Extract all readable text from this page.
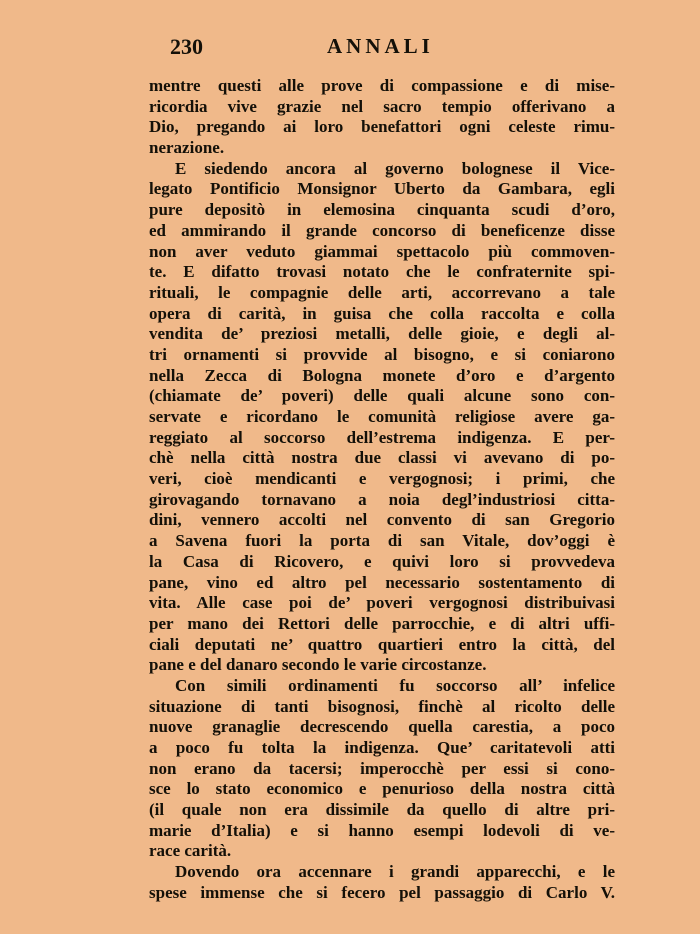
230	ANNALI
mentre questi alle prove di compassione e di mise-
ricordia vive grazie nel sacro tempio offerivano a
Dio, pregando ai loro benefattori ogni celeste rimu-
nerazione.
E siedendo ancora al governo bolognese il Vice-
legato Pontificio Monsignor Uberto da Gambara, egli
pure depositò in elemosina cinquanta scudi d’oro,
ed ammirando il grande concorso di beneficenze disse
non aver veduto giammai spettacolo più commoven-
te. E difatto trovasi notato che le confraternite spi-
rituali, le compagnie delle arti, accorrevano a tale
opera di carità, in guisa che colla raccolta e colla
vendita de’ preziosi metalli, delle gioie, e degli al-
tri ornamenti si provvide al bisogno, e si coniarono
nella Zecca di Bologna monete d’oro e d’argento
(chiamate de’ poveri) delle quali alcune sono con-
servate e ricordano le comunità religiose avere ga-
reggiato al soccorso dell’estrema indigenza. E per-
chè nella città nostra due classi vi avevano di po-
veri, cioè mendicanti e vergognosi; i primi, che
girovagando tornavano a noia degl’industriosi citta-
dini, vennero accolti nel convento di san Gregorio
a Savena fuori la porta di san Vitale, dov’oggi è
la Casa di Ricovero, e quivi loro si provvedeva
pane, vino ed altro pel necessario sostentamento di
vita. Alle case poi de’ poveri vergognosi distribuivasi
per mano dei Rettori delle parrocchie, e di altri uffi-
ciali deputati ne’ quattro quartieri entro la città, del
pane e del danaro secondo le varie circostanze.
Con simili ordinamenti fu soccorso all’ infelice
situazione di tanti bisognosi, finchè al ricolto delle
nuove granaglie decrescendo quella carestia, a poco
a poco fu tolta la indigenza. Que’ caritatevoli atti
non erano da tacersi; imperocchè per essi si cono-
sce lo stato economico e penurioso della nostra città
(il quale non era dissimile da quello di altre pri-
marie d’Italia) e si hanno esempi lodevoli di ve-
race carità.
Dovendo ora accennare i grandi apparecchi, e le
spese immense che si fecero pel passaggio di Carlo V.
